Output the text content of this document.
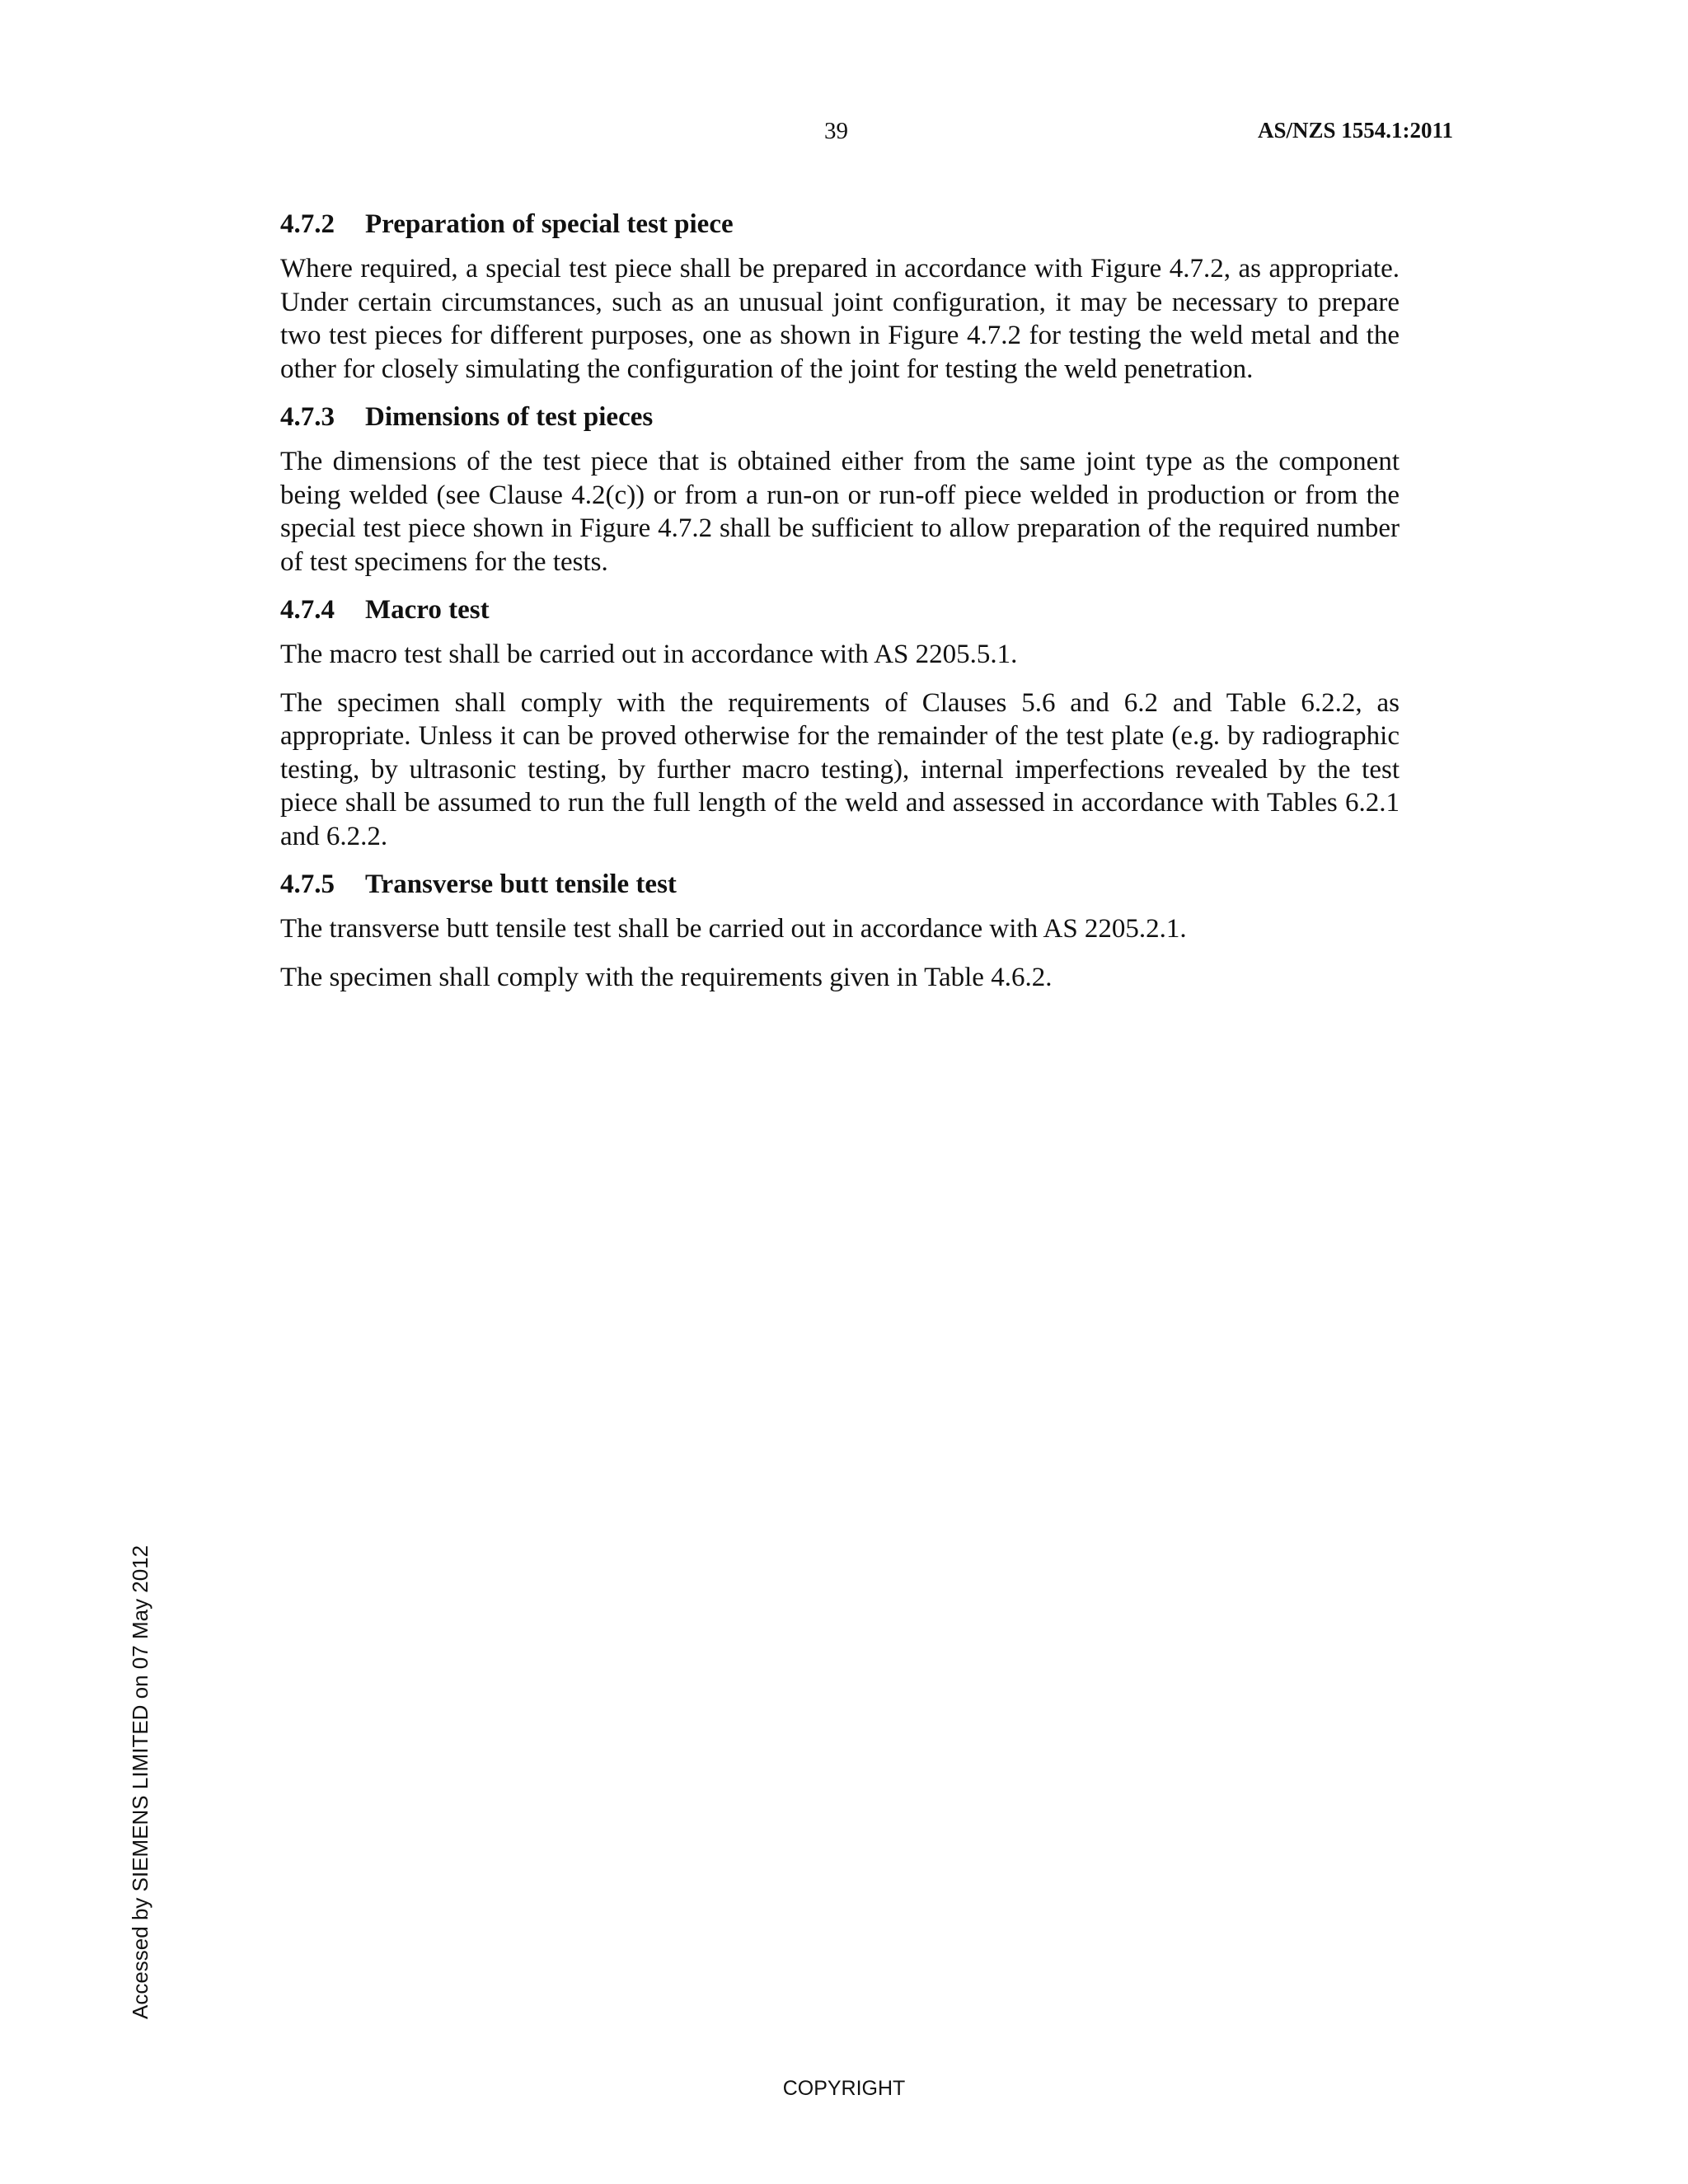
39	AS/NZS 1554.1:2011
4.7.2 Preparation of special test piece

Where required, a special test piece shall be prepared in accordance with Figure 4.7.2, as appropriate. Under certain circumstances, such as an unusual joint configuration, it may be necessary to prepare two test pieces for different purposes, one as shown in Figure 4.7.2 for testing the weld metal and the other for closely simulating the configuration of the joint for testing the weld penetration.

4.7.3 Dimensions of test pieces

The dimensions of the test piece that is obtained either from the same joint type as the component being welded (see Clause 4.2(c)) or from a run-on or run-off piece welded in production or from the special test piece shown in Figure 4.7.2 shall be sufficient to allow preparation of the required number of test specimens for the tests.

4.7.4 Macro test

The macro test shall be carried out in accordance with AS 2205.5.1.

The specimen shall comply with the requirements of Clauses 5.6 and 6.2 and Table 6.2.2, as appropriate. Unless it can be proved otherwise for the remainder of the test plate (e.g. by radiographic testing, by ultrasonic testing, by further macro testing), internal imperfections revealed by the test piece shall be assumed to run the full length of the weld and assessed in accordance with Tables 6.2.1 and 6.2.2.

4.7.5 Transverse butt tensile test

The transverse butt tensile test shall be carried out in accordance with AS 2205.2.1.

The specimen shall comply with the requirements given in Table 4.6.2.

Accessed by SIEMENS LIMITED on 07 May 2012
COPYRIGHT
